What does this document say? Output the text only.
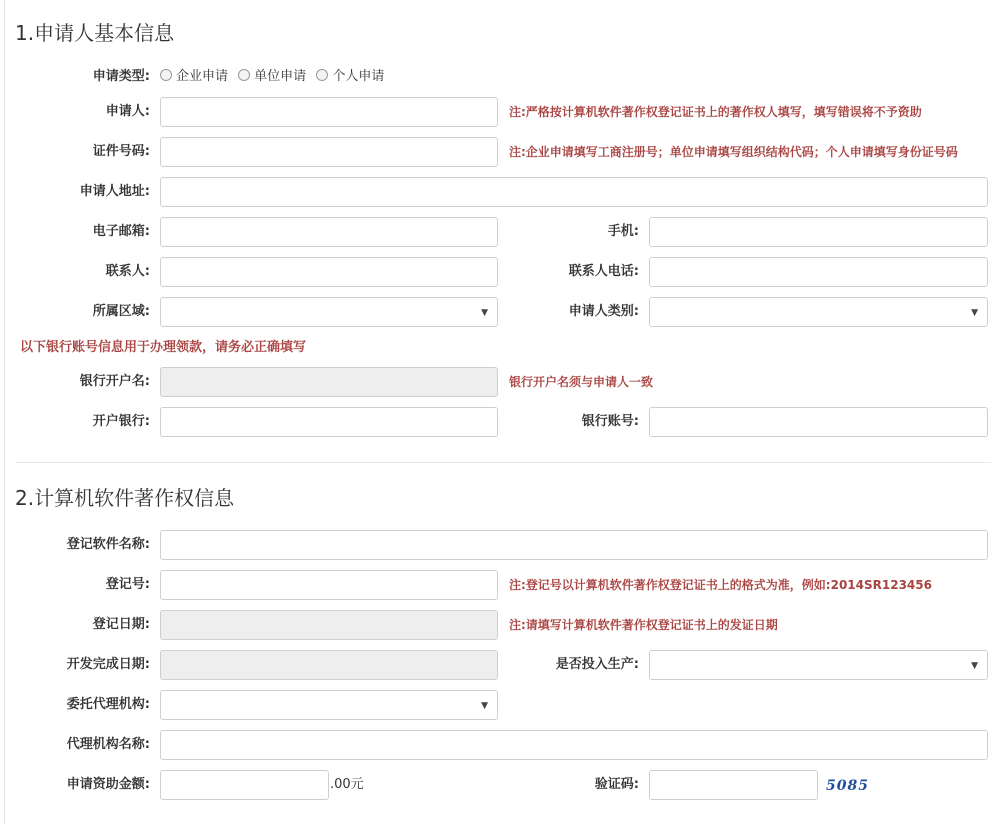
1.申请人基本信息
申请类型:	企业申请 单位申请 个人申请
申请人:	注:严格按计算机软件著作权登记证书上的著作权人填写，填写错误将不予资助
证件号码:	注:企业申请填写工商注册号；单位申请填写组织结构代码；个人申请填写身份证号码
申请人地址:
电子邮箱:	手机:
联系人:	联系人电话:
所属区域:	▼	申请人类别:	▼
以下银行账号信息用于办理领款，请务必正确填写
银行开户名:	银行开户名须与申请人一致
开户银行:	银行账号:
2.计算机软件著作权信息
登记软件名称:
登记号:	注:登记号以计算机软件著作权登记证书上的格式为准，例如:2014SR123456
登记日期:	注:请填写计算机软件著作权登记证书上的发证日期
开发完成日期:	是否投入生产:	▼
委托代理机构:	▼
代理机构名称:
申请资助金额:	.00元	验证码:	5085
